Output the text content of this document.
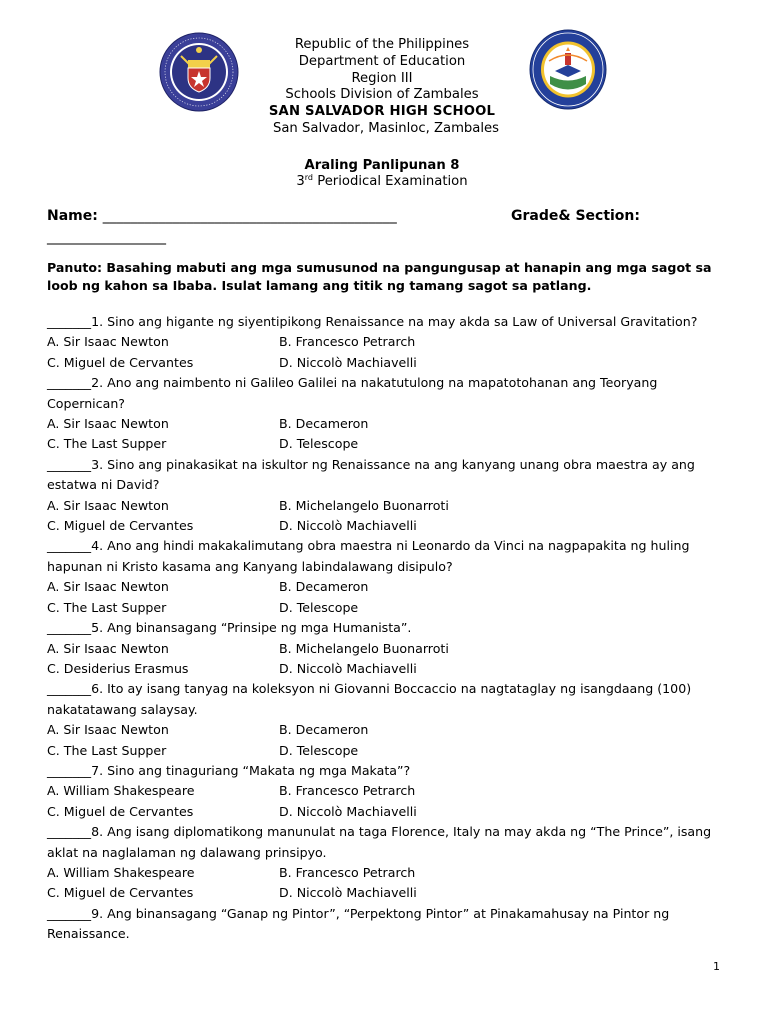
Republic of the Philippines
Department of Education
Region III
Schools Division of Zambales
SAN SALVADOR HIGH SCHOOL
San Salvador, Masinloc, Zambales
Araling Panlipunan 8
3rd Periodical Examination
Name: __________________________________________	Grade& Section:
_________________
Panuto: Basahing mabuti ang mga sumusunod na pangungusap at hanapin ang mga sagot sa loob ng kahon sa Ibaba. Isulat lamang ang titik ng tamang sagot sa patlang.
_______1. Sino ang higante ng siyentipikong Renaissance na may akda sa Law of Universal Gravitation?
A. Sir Isaac Newton	B. Francesco Petrarch
C. Miguel de Cervantes	D. Niccolò Machiavelli
_______2. Ano ang naimbento ni Galileo Galilei na nakatutulong na mapatotohanan ang Teoryang Copernican?
A. Sir Isaac Newton	B. Decameron
C. The Last Supper	D. Telescope
_______3. Sino ang pinakasikat na iskultor ng Renaissance na ang kanyang unang obra maestra ay ang estatwa ni David?
A. Sir Isaac Newton	B. Michelangelo Buonarroti
C. Miguel de Cervantes	D. Niccolò Machiavelli
_______4. Ano ang hindi makakalimutang obra maestra ni Leonardo da Vinci na nagpapakita ng huling hapunan ni Kristo kasama ang Kanyang labindalawang disipulo?
A. Sir Isaac Newton	B. Decameron
C. The Last Supper	D. Telescope
_______5. Ang binansagang “Prinsipe ng mga Humanista”.
A. Sir Isaac Newton	B. Michelangelo Buonarroti
C. Desiderius Erasmus	D. Niccolò Machiavelli
_______6. Ito ay isang tanyag na koleksyon ni Giovanni Boccaccio na nagtataglay ng isangdaang (100) nakatatawang salaysay.
A. Sir Isaac Newton	B. Decameron
C. The Last Supper	D. Telescope
_______7. Sino ang tinaguriang “Makata ng mga Makata”?
A. William Shakespeare	B. Francesco Petrarch
C. Miguel de Cervantes	D. Niccolò Machiavelli
_______8. Ang isang diplomatikong manunulat na taga Florence, Italy na may akda ng “The Prince”, isang aklat na naglalaman ng dalawang prinsipyo.
A. William Shakespeare	B. Francesco Petrarch
C. Miguel de Cervantes	D. Niccolò Machiavelli
_______9. Ang binansagang “Ganap ng Pintor”, “Perpektong Pintor” at Pinakamahusay na Pintor ng Renaissance.
1
